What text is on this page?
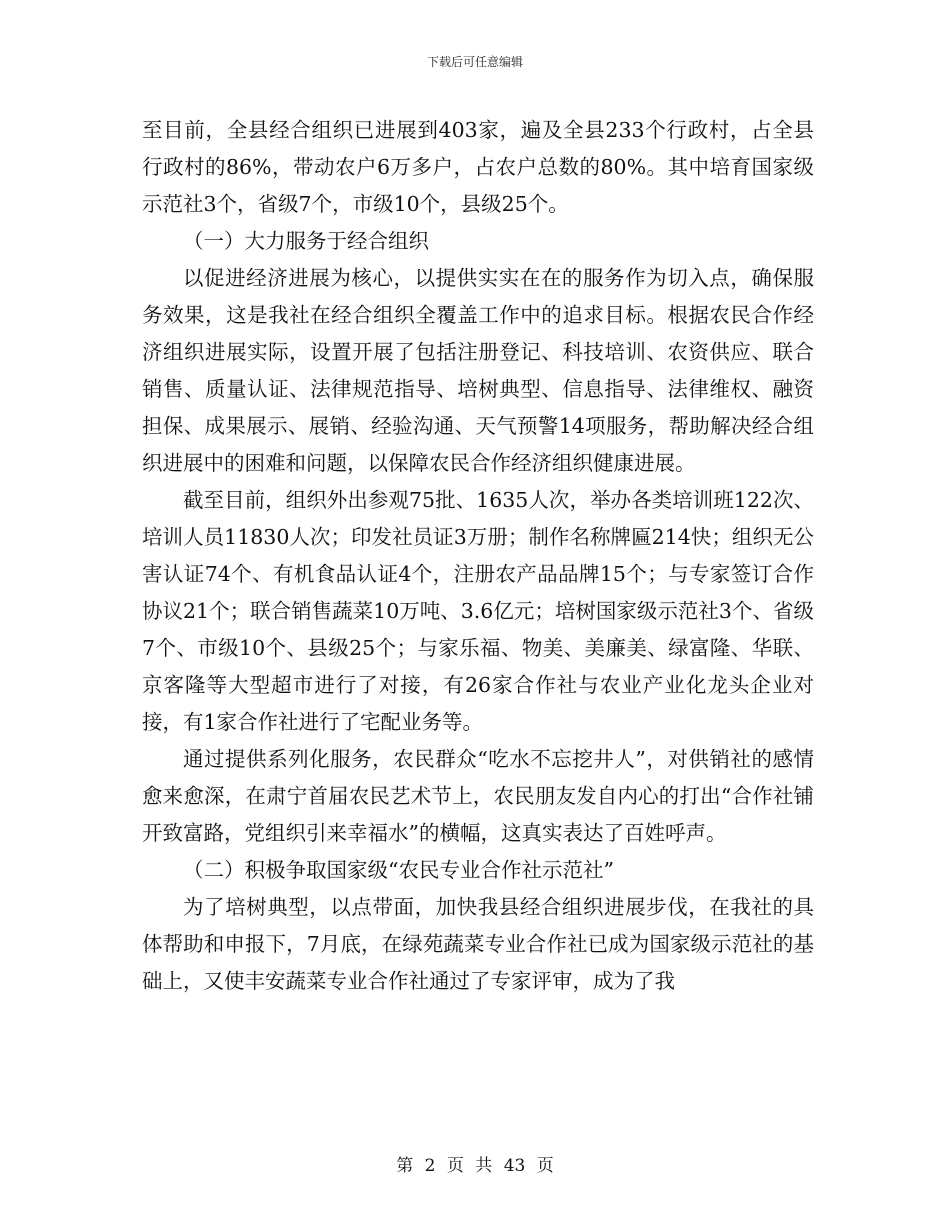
下载后可任意编辑

至目前，全县经合组织已进展到403家，遍及全县233个行政村，占全县行政村的86%，带动农户6万多户，占农户总数的80%。其中培育国家级示范社3个，省级7个，市级10个，县级25个。

（一）大力服务于经合组织

以促进经济进展为核心，以提供实实在在的服务作为切入点，确保服务效果，这是我社在经合组织全覆盖工作中的追求目标。根据农民合作经济组织进展实际，设置开展了包括注册登记、科技培训、农资供应、联合销售、质量认证、法律规范指导、培树典型、信息指导、法律维权、融资担保、成果展示、展销、经验沟通、天气预警14项服务，帮助解决经合组织进展中的困难和问题，以保障农民合作经济组织健康进展。

截至目前，组织外出参观75批、1635人次，举办各类培训班122次、培训人员11830人次；印发社员证3万册；制作名称牌匾214快；组织无公害认证74个、有机食品认证4个，注册农产品品牌15个；与专家签订合作协议21个；联合销售蔬菜10万吨、3.6亿元；培树国家级示范社3个、省级7个、市级10个、县级25个；与家乐福、物美、美廉美、绿富隆、华联、京客隆等大型超市进行了对接，有26家合作社与农业产业化龙头企业对接，有1家合作社进行了宅配业务等。

通过提供系列化服务，农民群众“吃水不忘挖井人”，对供销社的感情愈来愈深，在肃宁首届农民艺术节上，农民朋友发自内心的打出“合作社铺开致富路，党组织引来幸福水”的横幅，这真实表达了百姓呼声。

（二）积极争取国家级“农民专业合作社示范社”

为了培树典型，以点带面，加快我县经合组织进展步伐，在我社的具体帮助和申报下，7月底，在绿苑蔬菜专业合作社已成为国家级示范社的基础上，又使丰安蔬菜专业合作社通过了专家评审，成为了我

第 2 页 共 43 页
